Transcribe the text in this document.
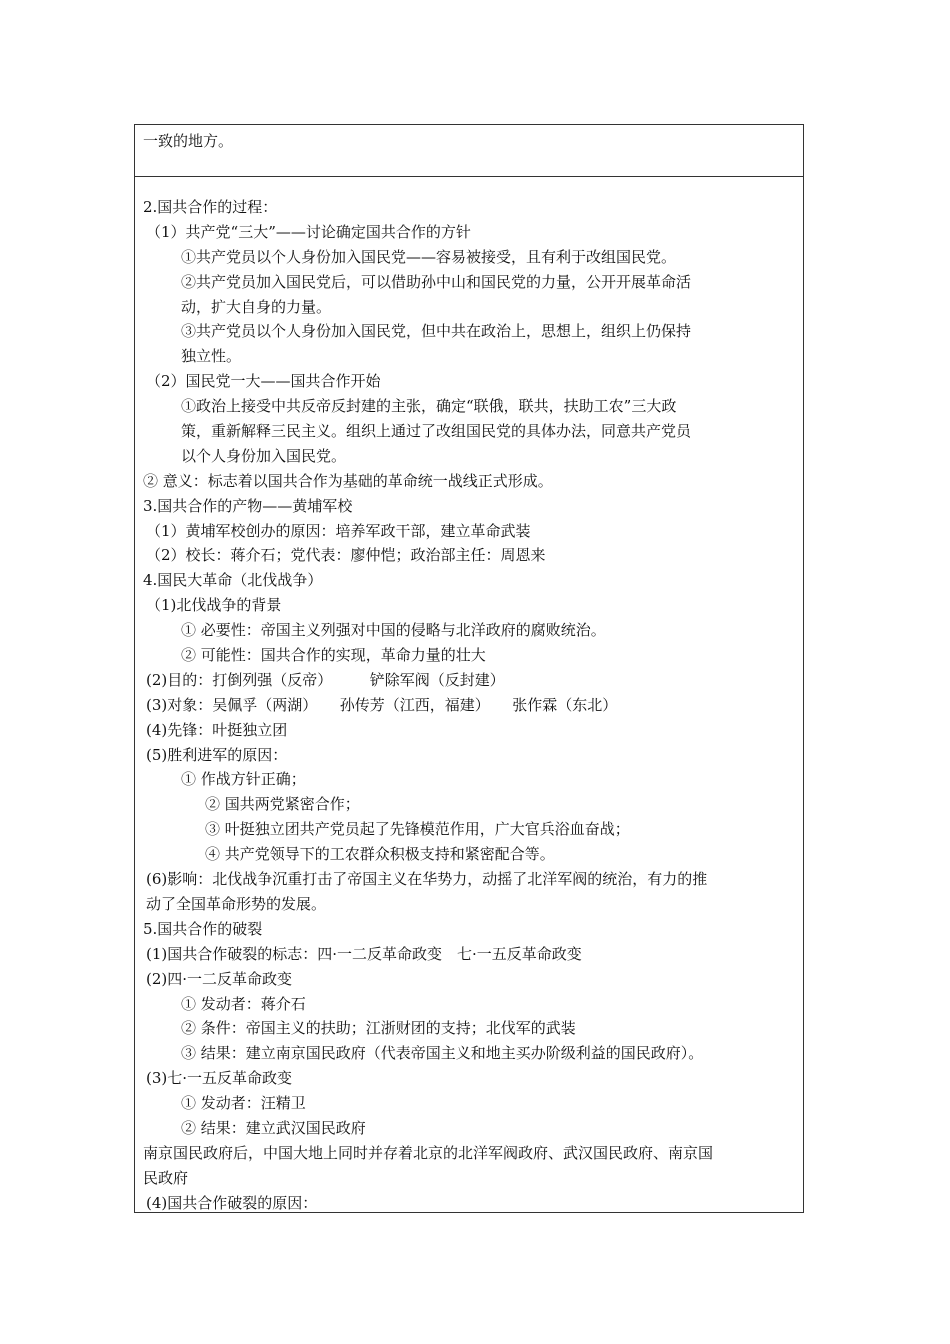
一致的地方。
2.国共合作的过程：
（1）共产党“三大”——讨论确定国共合作的方针
①共产党员以个人身份加入国民党——容易被接受，且有利于改组国民党。
②共产党员加入国民党后，可以借助孙中山和国民党的力量，公开开展革命活
动，扩大自身的力量。
③共产党员以个人身份加入国民党，但中共在政治上，思想上，组织上仍保持
独立性。
（2）国民党一大——国共合作开始
①政治上接受中共反帝反封建的主张，确定“联俄，联共，扶助工农”三大政
策，重新解释三民主义。组织上通过了改组国民党的具体办法，同意共产党员
以个人身份加入国民党。
② 意义：标志着以国共合作为基础的革命统一战线正式形成。
3.国共合作的产物——黄埔军校
（1）黄埔军校创办的原因：培养军政干部，建立革命武装
（2）校长：蒋介石；党代表：廖仲恺；政治部主任：周恩来
4.国民大革命（北伐战争）
（1)北伐战争的背景
① 必要性：帝国主义列强对中国的侵略与北洋政府的腐败统治。
② 可能性：国共合作的实现，革命力量的壮大
(2)目的：打倒列强（反帝）　　　铲除军阀（反封建）
(3)对象：吴佩孚（两湖）　　孙传芳（江西，福建）　　张作霖（东北）
(4)先锋：叶挺独立团
(5)胜利进军的原因：
① 作战方针正确；
② 国共两党紧密合作；
③ 叶挺独立团共产党员起了先锋模范作用，广大官兵浴血奋战；
④ 共产党领导下的工农群众积极支持和紧密配合等。
(6)影响：北伐战争沉重打击了帝国主义在华势力，动摇了北洋军阀的统治，有力的推
动了全国革命形势的发展。
5.国共合作的破裂
(1)国共合作破裂的标志：四·一二反革命政变　七·一五反革命政变
(2)四·一二反革命政变
① 发动者：蒋介石
② 条件：帝国主义的扶助；江浙财团的支持；北伐军的武装
③ 结果：建立南京国民政府（代表帝国主义和地主买办阶级利益的国民政府）。
(3)七·一五反革命政变
① 发动者：汪精卫
② 结果：建立武汉国民政府
南京国民政府后，中国大地上同时并存着北京的北洋军阀政府、武汉国民政府、南京国
民政府
(4)国共合作破裂的原因：
